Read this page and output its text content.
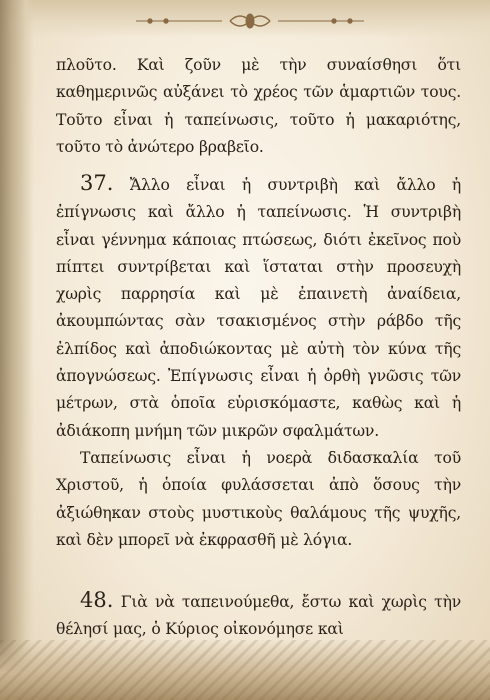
πλοῦτο. Καὶ ζοῦν μὲ τὴν συναίσθησι ὅτι καθημερινῶς αὐξάνει τὸ χρέος τῶν ἁμαρτιῶν τους. Τοῦτο εἶναι ἡ ταπείνωσις, τοῦτο ἡ μακαριότης, τοῦτο τὸ ἀνώτερο βραβεῖο.

37. Ἄλλο εἶναι ἡ συντριβὴ καὶ ἄλλο ἡ ἐπίγνωσις καὶ ἄλλο ἡ ταπείνωσις. Ἡ συντριβὴ εἶναι γέννημα κάποιας πτώσεως, διότι ἐκεῖνος ποὺ πίπτει συντρίβεται καὶ ἵσταται στὴν προσευχὴ χωρὶς παρρησία καὶ μὲ ἐπαινετὴ ἀναίδεια, ἀκουμπώντας σὰν τσακισμένος στὴν ράβδο τῆς ἐλπίδος καὶ ἀποδιώκοντας μὲ αὐτὴ τὸν κύνα τῆς ἀπογνώσεως. Ἐπίγνωσις εἶναι ἡ ὀρθὴ γνῶσις τῶν μέτρων, στὰ ὁποῖα εὑρισκόμαστε, καθὼς καὶ ἡ ἀδιάκοπη μνήμη τῶν μικρῶν σφαλμάτων.

Ταπείνωσις εἶναι ἡ νοερὰ διδασκαλία τοῦ Χριστοῦ, ἡ ὁποία φυλάσσεται ἀπὸ ὅσους τὴν ἀξιώθηκαν στοὺς μυστικοὺς θαλάμους τῆς ψυχῆς, καὶ δὲν μπορεῖ νὰ ἐκφρασθῆ μὲ λόγια.

48. Γιὰ νὰ ταπεινούμεθα, ἔστω καὶ χωρὶς τὴν θέλησί μας, ὁ Κύριος οἰκονόμησε καὶ
